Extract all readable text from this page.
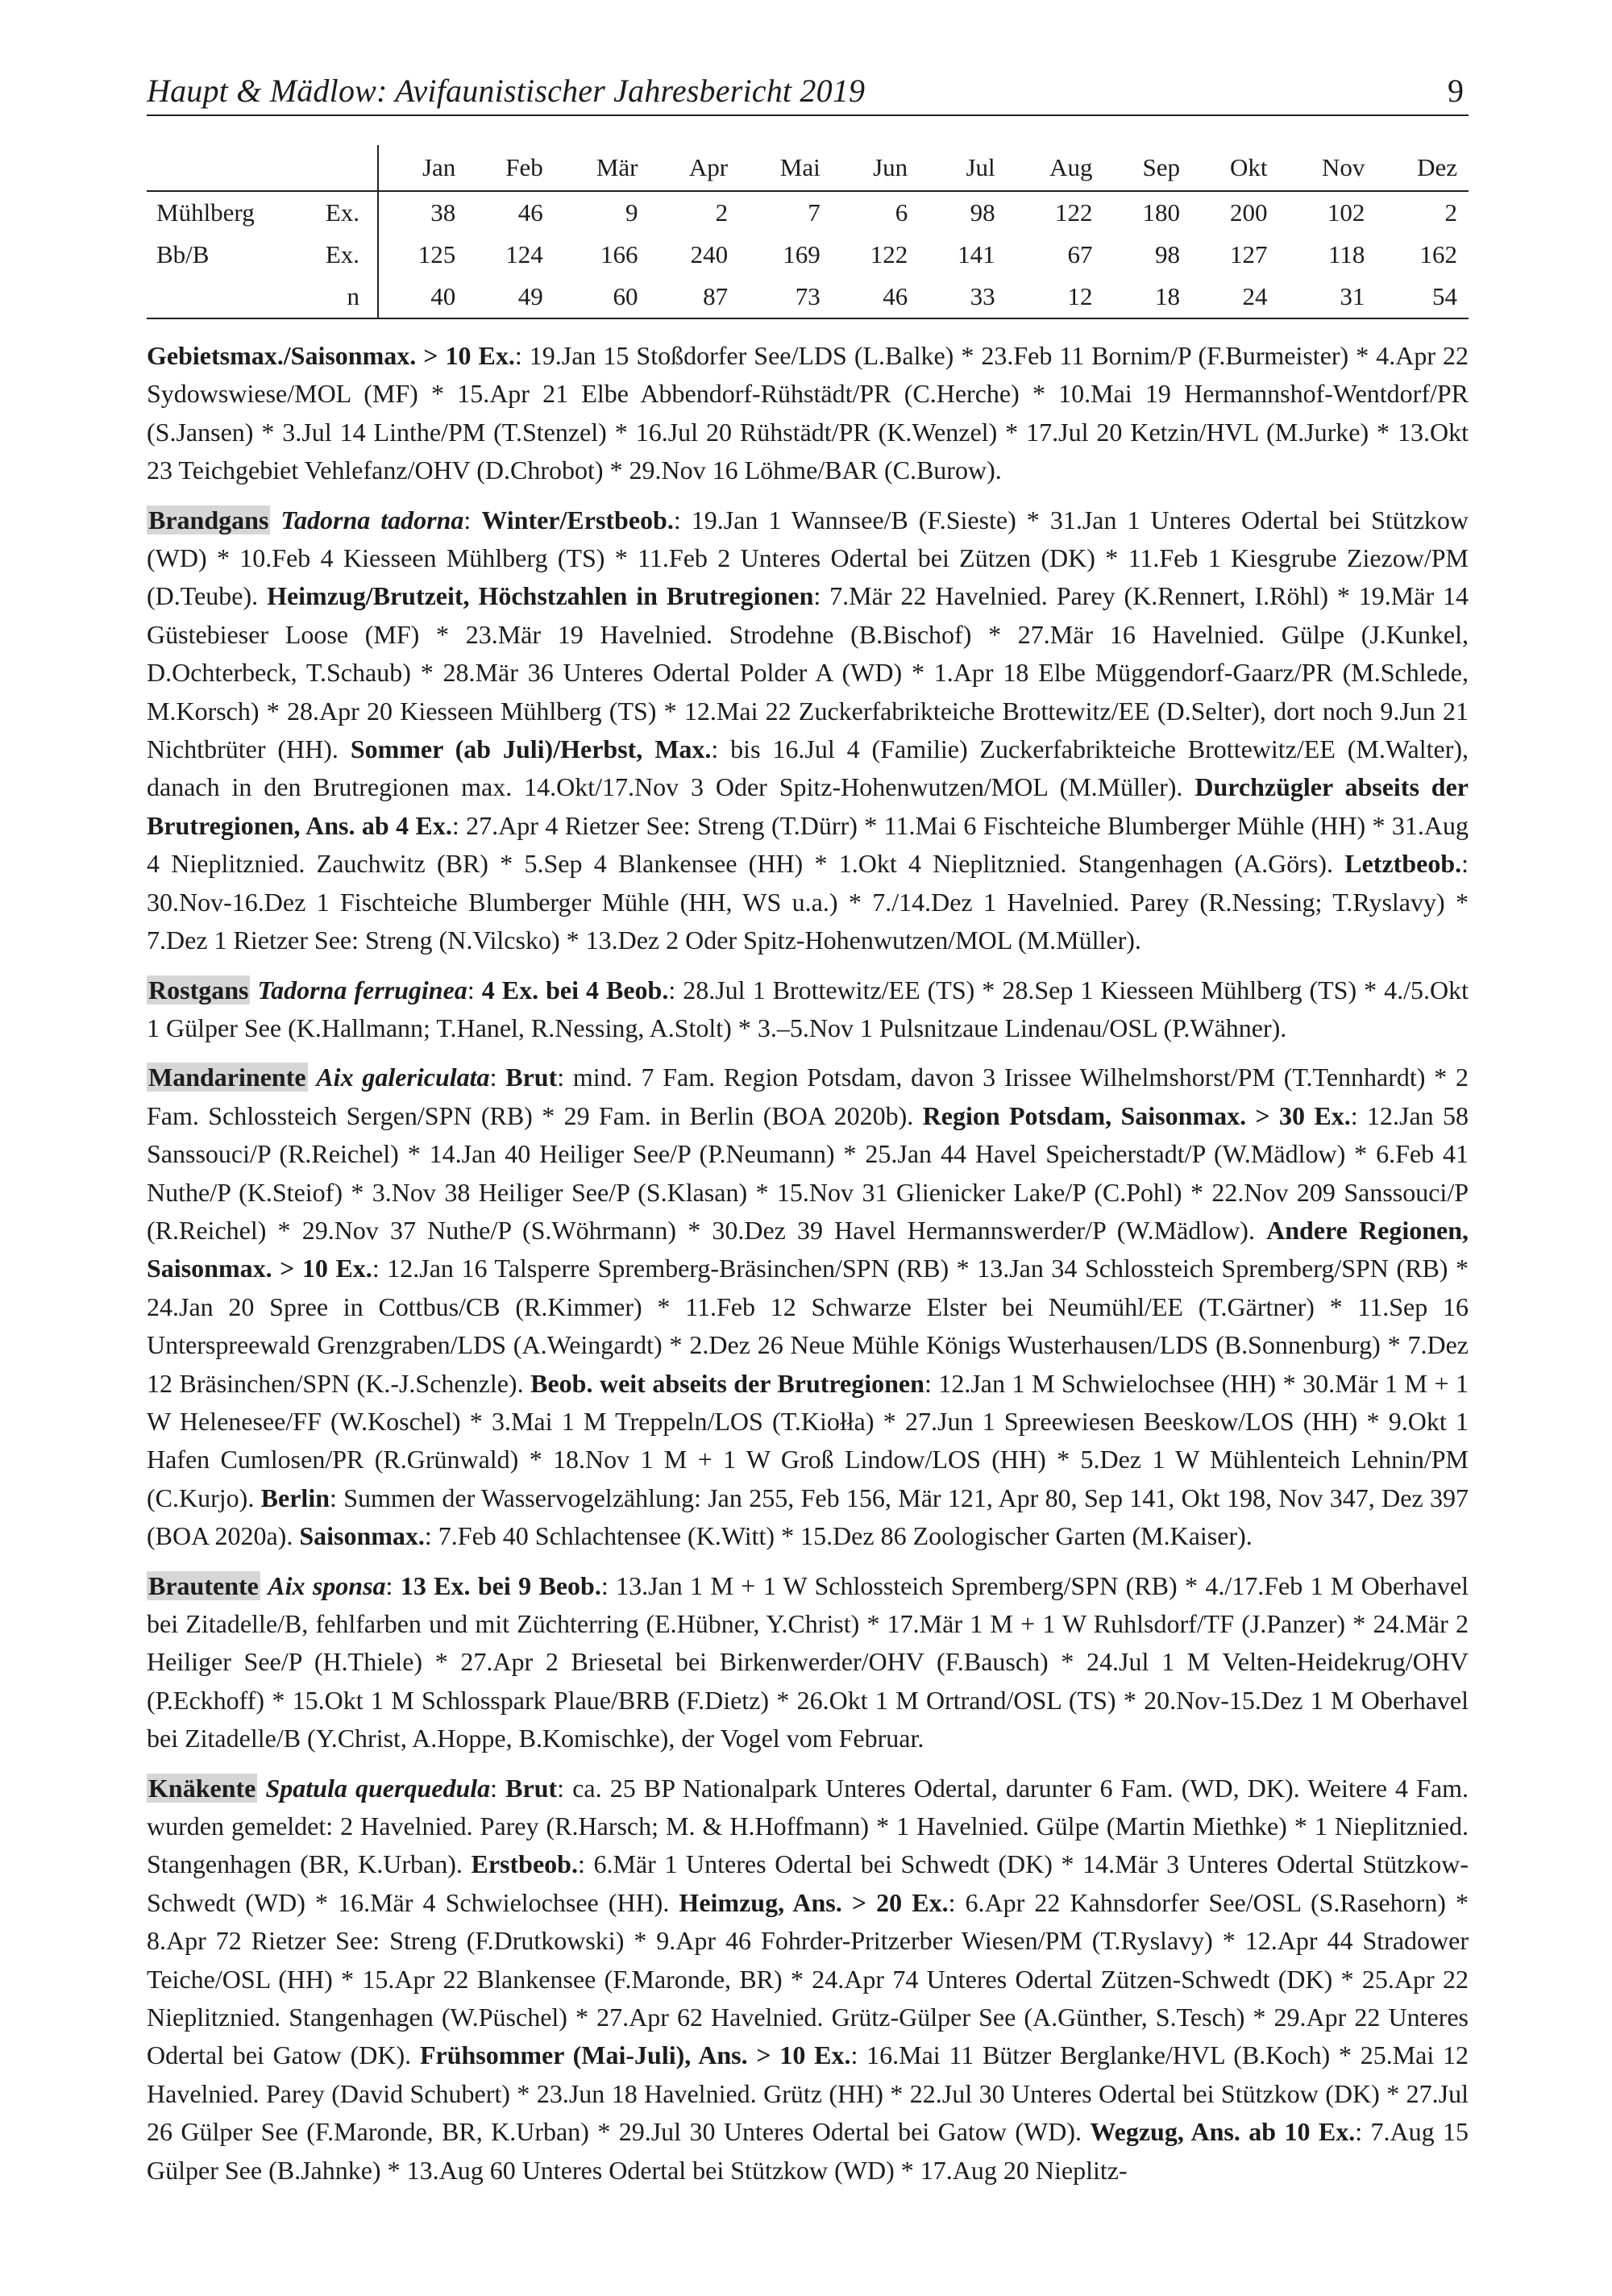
Haupt & Mädlow: Avifaunistischer Jahresbericht 2019	9
		Jan	Feb	Mär	Apr	Mai	Jun	Jul	Aug	Sep	Okt	Nov	Dez
Mühlberg	Ex.	38	46	9	2	7	6	98	122	180	200	102	2
Bb/B	Ex.	125	124	166	240	169	122	141	67	98	127	118	162
	n	40	49	60	87	73	46	33	12	18	24	31	54

Gebietsmax./Saisonmax. > 10 Ex.: 19.Jan 15 Stoßdorfer See/LDS (L.Balke) * 23.Feb 11 Bornim/P (F.Burmeister) * 4.Apr 22 Sydowswiese/MOL (MF) * 15.Apr 21 Elbe Abbendorf-Rühstädt/PR (C.Herche) * 10.Mai 19 Hermannshof-Wentdorf/PR (S.Jansen) * 3.Jul 14 Linthe/PM (T.Stenzel) * 16.Jul 20 Rühstädt/PR (K.Wenzel) * 17.Jul 20 Ketzin/HVL (M.Jurke) * 13.Okt 23 Teichgebiet Vehlefanz/OHV (D.Chrobot) * 29.Nov 16 Löhme/BAR (C.Burow).

Brandgans Tadorna tadorna: Winter/Erstbeob.: 19.Jan 1 Wannsee/B (F.Sieste) * 31.Jan 1 Unteres Odertal bei Stützkow (WD) * 10.Feb 4 Kiesseen Mühlberg (TS) * 11.Feb 2 Unteres Odertal bei Zützen (DK) * 11.Feb 1 Kiesgrube Ziezow/PM (D.Teube). Heimzug/Brutzeit, Höchstzahlen in Brutregionen: 7.Mär 22 Havelnied. Parey (K.Rennert, I.Röhl) * 19.Mär 14 Güstebieser Loose (MF) * 23.Mär 19 Havelnied. Strodehne (B.Bischof) * 27.Mär 16 Havelnied. Gülpe (J.Kunkel, D.Ochterbeck, T.Schaub) * 28.Mär 36 Unteres Odertal Polder A (WD) * 1.Apr 18 Elbe Müggendorf-Gaarz/PR (M.Schlede, M.Korsch) * 28.Apr 20 Kiesseen Mühlberg (TS) * 12.Mai 22 Zuckerfabrikteiche Brottewitz/EE (D.Selter), dort noch 9.Jun 21 Nichtbrüter (HH). Sommer (ab Juli)/Herbst, Max.: bis 16.Jul 4 (Familie) Zuckerfabrikteiche Brottewitz/EE (M.Walter), danach in den Brutregionen max. 14.Okt/17.Nov 3 Oder Spitz-Hohenwutzen/MOL (M.Müller). Durchzügler abseits der Brutregionen, Ans. ab 4 Ex.: 27.Apr 4 Rietzer See: Streng (T.Dürr) * 11.Mai 6 Fischteiche Blumberger Mühle (HH) * 31.Aug 4 Nieplitznied. Zauchwitz (BR) * 5.Sep 4 Blankensee (HH) * 1.Okt 4 Nieplitznied. Stangenhagen (A.Görs). Letztbeob.: 30.Nov-16.Dez 1 Fischteiche Blumberger Mühle (HH, WS u.a.) * 7./14.Dez 1 Havelnied. Parey (R.Nessing; T.Ryslavy) * 7.Dez 1 Rietzer See: Streng (N.Vilcsko) * 13.Dez 2 Oder Spitz-Hohenwutzen/MOL (M.Müller).

Rostgans Tadorna ferruginea: 4 Ex. bei 4 Beob.: 28.Jul 1 Brottewitz/EE (TS) * 28.Sep 1 Kiesseen Mühlberg (TS) * 4./5.Okt 1 Gülper See (K.Hallmann; T.Hanel, R.Nessing, A.Stolt) * 3.–5.Nov 1 Pulsnitzaue Lindenau/OSL (P.Wähner).

Mandarinente Aix galericulata: Brut: mind. 7 Fam. Region Potsdam, davon 3 Irissee Wilhelmshorst/PM (T.Tennhardt) * 2 Fam. Schlossteich Sergen/SPN (RB) * 29 Fam. in Berlin (BOA 2020b). Region Potsdam, Saisonmax. > 30 Ex.: 12.Jan 58 Sanssouci/P (R.Reichel) * 14.Jan 40 Heiliger See/P (P.Neumann) * 25.Jan 44 Havel Speicherstadt/P (W.Mädlow) * 6.Feb 41 Nuthe/P (K.Steiof) * 3.Nov 38 Heiliger See/P (S.Klasan) * 15.Nov 31 Glienicker Lake/P (C.Pohl) * 22.Nov 209 Sanssouci/P (R.Reichel) * 29.Nov 37 Nuthe/P (S.Wöhrmann) * 30.Dez 39 Havel Hermannswerder/P (W.Mädlow). Andere Regionen, Saisonmax. > 10 Ex.: 12.Jan 16 Talsperre Spremberg-Bräsinchen/SPN (RB) * 13.Jan 34 Schlossteich Spremberg/SPN (RB) * 24.Jan 20 Spree in Cottbus/CB (R.Kimmer) * 11.Feb 12 Schwarze Elster bei Neumühl/EE (T.Gärtner) * 11.Sep 16 Unterspreewald Grenzgraben/LDS (A.Weingardt) * 2.Dez 26 Neue Mühle Königs Wusterhausen/LDS (B.Sonnenburg) * 7.Dez 12 Bräsinchen/SPN (K.-J.Schenzle). Beob. weit abseits der Brutregionen: 12.Jan 1 M Schwielochsee (HH) * 30.Mär 1 M + 1 W Helenesee/FF (W.Koschel) * 3.Mai 1 M Treppeln/LOS (T.Kiołła) * 27.Jun 1 Spreewiesen Beeskow/LOS (HH) * 9.Okt 1 Hafen Cumlosen/PR (R.Grünwald) * 18.Nov 1 M + 1 W Groß Lindow/LOS (HH) * 5.Dez 1 W Mühlenteich Lehnin/PM (C.Kurjo). Berlin: Summen der Wasservogelzählung: Jan 255, Feb 156, Mär 121, Apr 80, Sep 141, Okt 198, Nov 347, Dez 397 (BOA 2020a). Saisonmax.: 7.Feb 40 Schlachtensee (K.Witt) * 15.Dez 86 Zoologischer Garten (M.Kaiser).

Brautente Aix sponsa: 13 Ex. bei 9 Beob.: 13.Jan 1 M + 1 W Schlossteich Spremberg/SPN (RB) * 4./17.Feb 1 M Oberhavel bei Zitadelle/B, fehlfarben und mit Züchterring (E.Hübner, Y.Christ) * 17.Mär 1 M + 1 W Ruhlsdorf/TF (J.Panzer) * 24.Mär 2 Heiliger See/P (H.Thiele) * 27.Apr 2 Briesetal bei Birkenwerder/OHV (F.Bausch) * 24.Jul 1 M Velten-Heidekrug/OHV (P.Eckhoff) * 15.Okt 1 M Schlosspark Plaue/BRB (F.Dietz) * 26.Okt 1 M Ortrand/OSL (TS) * 20.Nov-15.Dez 1 M Oberhavel bei Zitadelle/B (Y.Christ, A.Hoppe, B.Komischke), der Vogel vom Februar.

Knäkente Spatula querquedula: Brut: ca. 25 BP Nationalpark Unteres Odertal, darunter 6 Fam. (WD, DK). Weitere 4 Fam. wurden gemeldet: 2 Havelnied. Parey (R.Harsch; M. & H.Hoffmann) * 1 Havelnied. Gülpe (Martin Miethke) * 1 Nieplitznied. Stangenhagen (BR, K.Urban). Erstbeob.: 6.Mär 1 Unteres Odertal bei Schwedt (DK) * 14.Mär 3 Unteres Odertal Stützkow-Schwedt (WD) * 16.Mär 4 Schwielochsee (HH). Heimzug, Ans. > 20 Ex.: 6.Apr 22 Kahnsdorfer See/OSL (S.Rasehorn) * 8.Apr 72 Rietzer See: Streng (F.Drutkowski) * 9.Apr 46 Fohrder-Pritzerber Wiesen/PM (T.Ryslavy) * 12.Apr 44 Stradower Teiche/OSL (HH) * 15.Apr 22 Blankensee (F.Maronde, BR) * 24.Apr 74 Unteres Odertal Zützen-Schwedt (DK) * 25.Apr 22 Nieplitznied. Stangenhagen (W.Püschel) * 27.Apr 62 Havelnied. Grütz-Gülper See (A.Günther, S.Tesch) * 29.Apr 22 Unteres Odertal bei Gatow (DK). Frühsommer (Mai-Juli), Ans. > 10 Ex.: 16.Mai 11 Bützer Berglanke/HVL (B.Koch) * 25.Mai 12 Havelnied. Parey (David Schubert) * 23.Jun 18 Havelnied. Grütz (HH) * 22.Jul 30 Unteres Odertal bei Stützkow (DK) * 27.Jul 26 Gülper See (F.Maronde, BR, K.Urban) * 29.Jul 30 Unteres Odertal bei Gatow (WD). Wegzug, Ans. ab 10 Ex.: 7.Aug 15 Gülper See (B.Jahnke) * 13.Aug 60 Unteres Odertal bei Stützkow (WD) * 17.Aug 20 Nieplitz-
